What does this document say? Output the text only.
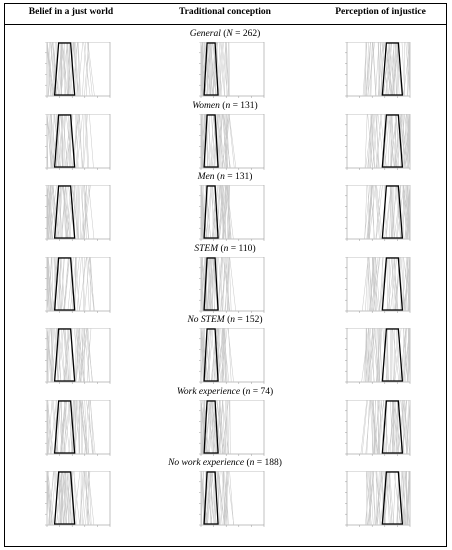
Belief in a just world	Traditional conception	Perception of injustice
General (N = 262)
Women (n = 131)
Men (n = 131)
STEM (n = 110)
No STEM (n = 152)
Work experience (n = 74)
No work experience (n = 188)
